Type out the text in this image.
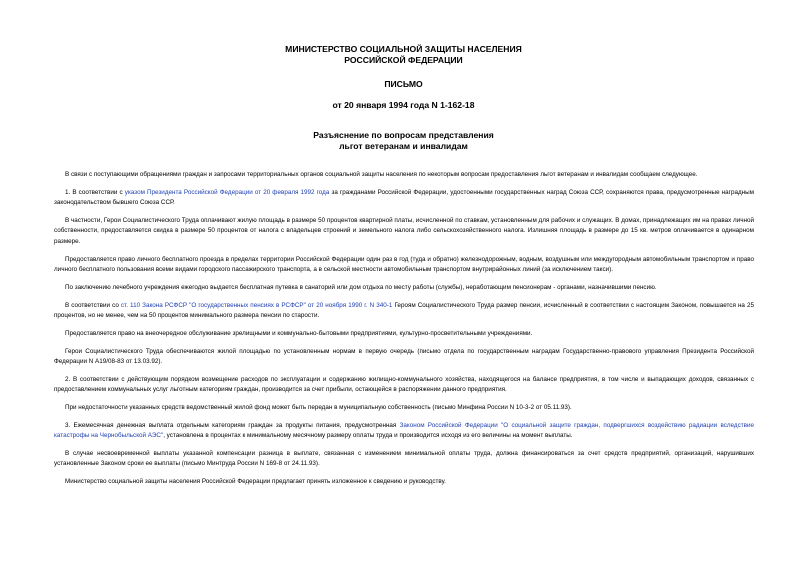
МИНИСТЕРСТВО СОЦИАЛЬНОЙ ЗАЩИТЫ НАСЕЛЕНИЯ

РОССИЙСКОЙ ФЕДЕРАЦИИ

ПИСЬМО

от 20 января 1994 года N 1-162-18

Разъяснение по вопросам представления

льгот ветеранам и инвалидам

В связи с поступающими обращениями граждан и запросами территориальных органов социальной защиты населения по некоторым вопросам предоставления льгот ветеранам и инвалидам сообщаем следующее.

1. В соответствии с указом Президента Российской Федерации от 20 февраля 1992 года за гражданами Российской Федерации, удостоенными государственных наград Союза ССР, сохраняются права, предусмотренные наградным законодательством бывшего Союза ССР.

В частности, Герои Социалистического Труда оплачивают жилую площадь в размере 50 процентов квартирной платы, исчисленной по ставкам, установленным для рабочих и служащих. В домах, принадлежащих им на правах личной собственности, предоставляется скидка в размере 50 процентов от налога с владельцев строений и земельного налога либо сельскохозяйственного налога. Излишняя площадь в размере до 15 кв. метров оплачивается в одинарном размере.

Предоставляется право личного бесплатного проезда в пределах территории Российской Федерации один раз в год (туда и обратно) железнодорожным, водным, воздушным или междугородным автомобильным транспортом и право личного бесплатного пользования всеми видами городского пассажирского транспорта, а в сельской местности автомобильным транспортом внутрирайонных линий (за исключением такси).

По заключению лечебного учреждения ежегодно выдается бесплатная путевка в санаторий или дом отдыха по месту работы (службы), неработающим пенсионерам - органами, назначившими пенсию.

В соответствии со ст. 110 Закона РСФСР "О государственных пенсиях в РСФСР" от 20 ноября 1990 г. N 340-1 Героям Социалистического Труда размер пенсии, исчисленный в соответствии с настоящим Законом, повышается на 25 процентов, но не менее, чем на 50 процентов минимального размера пенсии по старости.

Предоставляется право на внеочередное обслуживание зрелищными и коммунально-бытовыми предприятиями, культурно-просветительными учреждениями.

Герои Социалистического Труда обеспечиваются жилой площадью по установленным нормам в первую очередь (письмо отдела по государственным наградам Государственно-правового управления Президента Российской Федерации N А19/08-83 от 13.03.92).

2. В соответствии с действующим порядком возмещение расходов по эксплуатации и содержанию жилищно-коммунального хозяйства, находящегося на балансе предприятия, в том числе и выпадающих доходов, связанных с предоставлением коммунальных услуг льготным категориям граждан, производится за счет прибыли, остающейся в распоряжении данного предприятия.

При недостаточности указанных средств ведомственный жилой фонд может быть передан в муниципальную собственность (письмо Минфина России N 10-3-2 от 05.11.93).

3. Ежемесячная денежная выплата отдельным категориям граждан за продукты питания, предусмотренная Законом Российской Федерации "О социальной защите граждан, подвергшихся воздействию радиации вследствие катастрофы на Чернобыльской АЭС", установлена в процентах к минимальному месячному размеру оплаты труда и производится исходя из его величины на момент выплаты.

В случае несвоевременной выплаты указанной компенсации разница в выплате, связанная с изменением минимальной оплаты труда, должна финансироваться за счет средств предприятий, организаций, нарушивших установленные Законом сроки ее выплаты (письмо Минтруда России N 169-8 от 24.11.93).

Министерство социальной защиты населения Российской Федерации предлагает принять изложенное к сведению и руководству.
